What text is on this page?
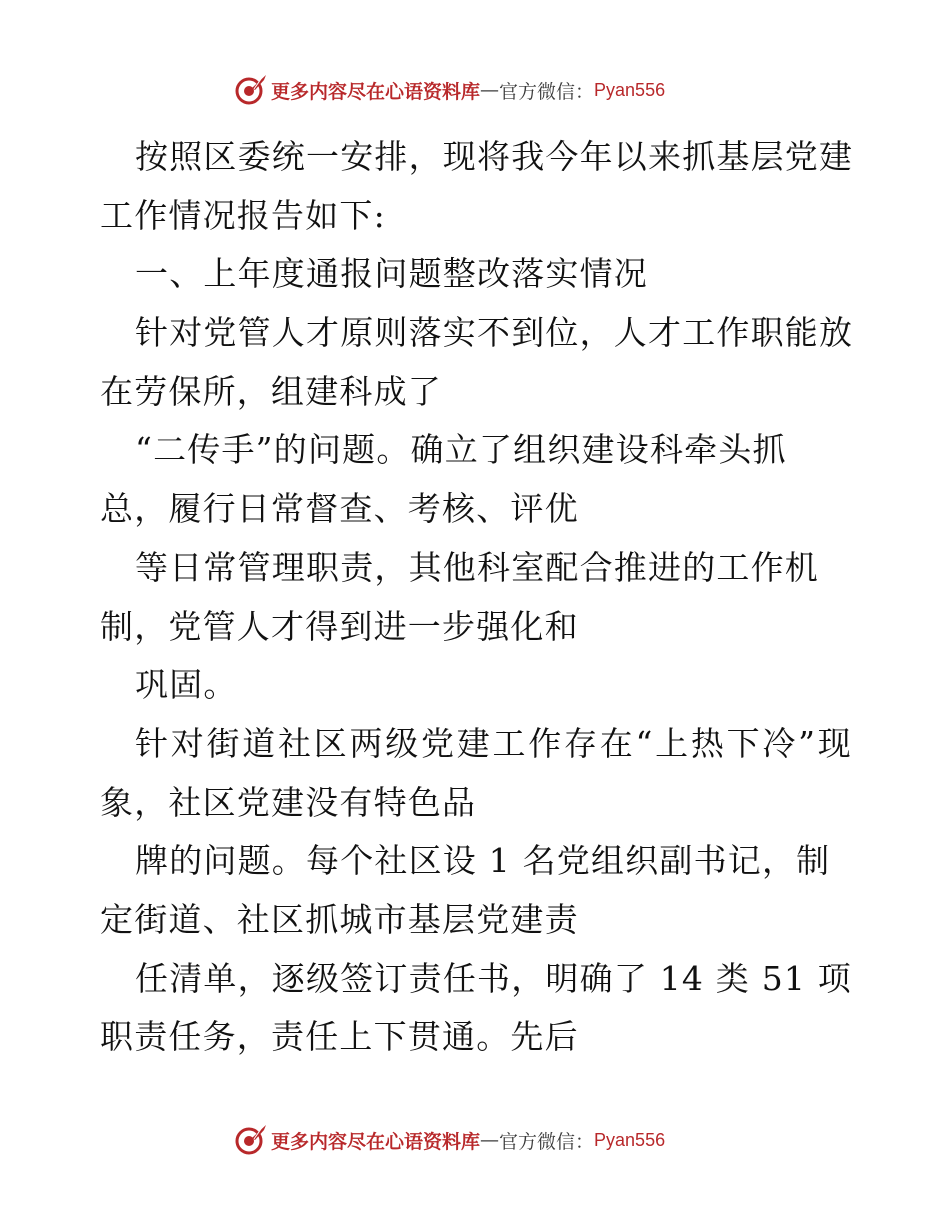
更多内容尽在心语资料库 — 官方微信： Pyan556
按照区委统一安排，现将我今年以来抓基层党建
工作情况报告如下:
一、上年度通报问题整改落实情况
针对党管人才原则落实不到位，人才工作职能放
在劳保所，组建科成了
“二传手”的问题。确立了组织建设科牵头抓
总，履行日常督查、考核、评优
等日常管理职责，其他科室配合推进的工作机
制，党管人才得到进一步强化和
巩固。
针对街道社区两级党建工作存在“上热下冷”现
象，社区党建没有特色品
牌的问题。每个社区设 1 名党组织副书记，制
定街道、社区抓城市基层党建责
任清单，逐级签订责任书，明确了 14 类 51 项
职责任务，责任上下贯通。先后
更多内容尽在心语资料库 — 官方微信： Pyan556
